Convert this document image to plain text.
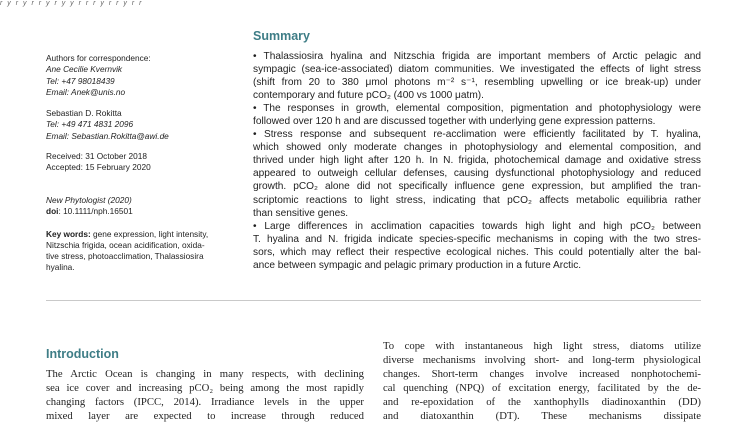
r y r y r r y r y y r r r y r r y r r
Authors for correspondence:
Ane Cecilie Kvernvik
Tel: +47 98018439
Email: Anek@unis.no
Sebastian D. Rokitta
Tel: +49 471 4831 2096
Email: Sebastian.Rokitta@awi.de
Received: 31 October 2018
Accepted: 15 February 2020
New Phytologist (2020)
doi: 10.1111/nph.16501
Key words: gene expression, light intensity,
Nitzschia frigida, ocean acidification, oxida-
tive stress, photoacclimation, Thalassiosira
hyalina.
Summary
• Thalassiosira hyalina and Nitzschia frigida are important members of Arctic pelagic and
sympagic (sea-ice-associated) diatom communities. We investigated the effects of light stress
(shift from 20 to 380 μmol photons m⁻² s⁻¹, resembling upwelling or ice break-up) under
contemporary and future pCO₂ (400 vs 1000 μatm).
• The responses in growth, elemental composition, pigmentation and photophysiology were
followed over 120 h and are discussed together with underlying gene expression patterns.
• Stress response and subsequent re-acclimation were efficiently facilitated by T. hyalina,
which showed only moderate changes in photophysiology and elemental composition, and
thrived under high light after 120 h. In N. frigida, photochemical damage and oxidative stress
appeared to outweigh cellular defenses, causing dysfunctional photophysiology and reduced
growth. pCO₂ alone did not specifically influence gene expression, but amplified the tran-
scriptomic reactions to light stress, indicating that pCO₂ affects metabolic equilibria rather
than sensitive genes.
• Large differences in acclimation capacities towards high light and high pCO₂ between
T. hyalina and N. frigida indicate species-specific mechanisms in coping with the two stres-
sors, which may reflect their respective ecological niches. This could potentially alter the bal-
ance between sympagic and pelagic primary production in a future Arctic.
Introduction
The Arctic Ocean is changing in many respects, with declining
sea ice cover and increasing pCO₂ being among the most rapidly
changing factors (IPCC, 2014). Irradiance levels in the upper
mixed layer are expected to increase through reduced
To cope with instantaneous high light stress, diatoms utilize
diverse mechanisms involving short- and long-term physiological
changes. Short-term changes involve increased nonphotochemi-
cal quenching (NPQ) of excitation energy, facilitated by the de-
and re-epoxidation of the xanthophylls diadinoxanthin (DD)
and diatoxanthin (DT). These mechanisms dissipate
